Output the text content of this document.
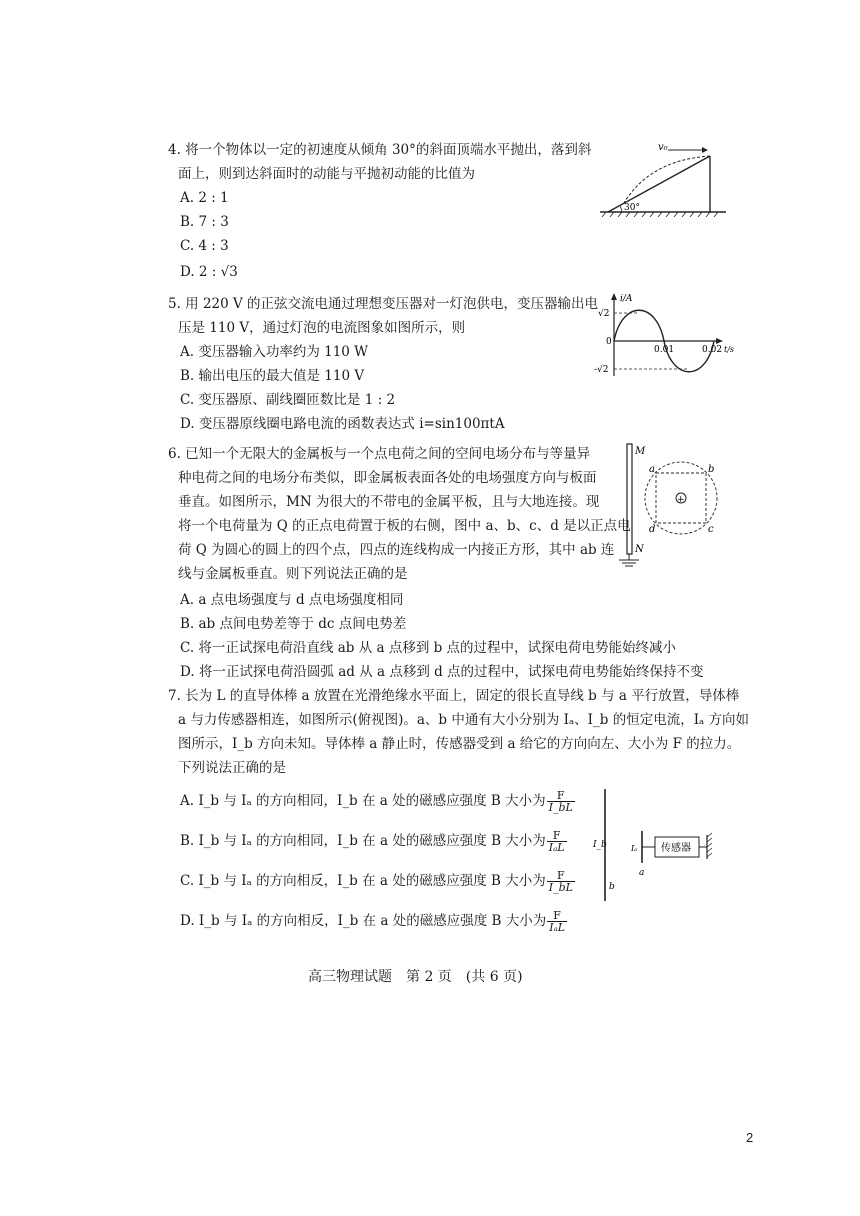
4. 将一个物体以一定的初速度从倾角 30°的斜面顶端水平抛出，落到斜
面上，则到达斜面时的动能与平抛初动能的比值为
A. 2 : 1
B. 7 : 3
C. 4 : 3
D. 2 : √3
v₀
30°
5. 用 220 V 的正弦交流电通过理想变压器对一灯泡供电，变压器输出电
压是 110 V，通过灯泡的电流图象如图所示，则
A. 变压器输入功率约为 110 W
B. 输出电压的最大值是 110 V
C. 变压器原、副线圈匝数比是 1 : 2
D. 变压器原线圈电路电流的函数表达式 i=sin100πtA
i/A
√2
-√2
0
0.01	0.02 t/s
6. 已知一个无限大的金属板与一个点电荷之间的空间电场分布与等量异
种电荷之间的电场分布类似，即金属板表面各处的电场强度方向与板面
垂直。如图所示，MN 为很大的不带电的金属平板，且与大地连接。现
将一个电荷量为 Q 的正点电荷置于板的右侧，图中 a、b、c、d 是以正点电
荷 Q 为圆心的圆上的四个点，四点的连线构成一内接正方形，其中 ab 连
线与金属板垂直。则下列说法正确的是
A. a 点电场强度与 d 点电场强度相同
B. ab 点间电势差等于 dc 点间电势差
C. 将一正试探电荷沿直线 ab 从 a 点移到 b 点的过程中，试探电荷电势能始终减小
D. 将一正试探电荷沿圆弧 ad 从 a 点移到 d 点的过程中，试探电荷电势能始终保持不变
M
N
+
a	b
c
d
7. 长为 L 的直导体棒 a 放置在光滑绝缘水平面上，固定的很长直导线 b 与 a 平行放置，导体棒
a 与力传感器相连，如图所示(俯视图)。a、b 中通有大小分别为 Iₐ、I_b 的恒定电流，Iₐ 方向如
图所示，I_b 方向未知。导体棒 a 静止时，传感器受到 a 给它的方向向左、大小为 F 的拉力。
下列说法正确的是
A. I_b 与 Iₐ 的方向相同，I_b 在 a 处的磁感应强度 B 大小为 $\frac{F}{I\_bL}$
B. I_b 与 Iₐ 的方向相同，I_b 在 a 处的磁感应强度 B 大小为 $\frac{F}{\text{IₐL}}$
C. I_b 与 Iₐ 的方向相反，I_b 在 a 处的磁感应强度 B 大小为 $\frac{F}{I\_bL}$
D. I_b 与 Iₐ 的方向相反，I_b 在 a 处的磁感应强度 B 大小为 $\frac{F}{\text{IₐL}}$
I_b
b
Iₐ
a
传感器
高三物理试题　第 2 页　(共 6 页)
2
